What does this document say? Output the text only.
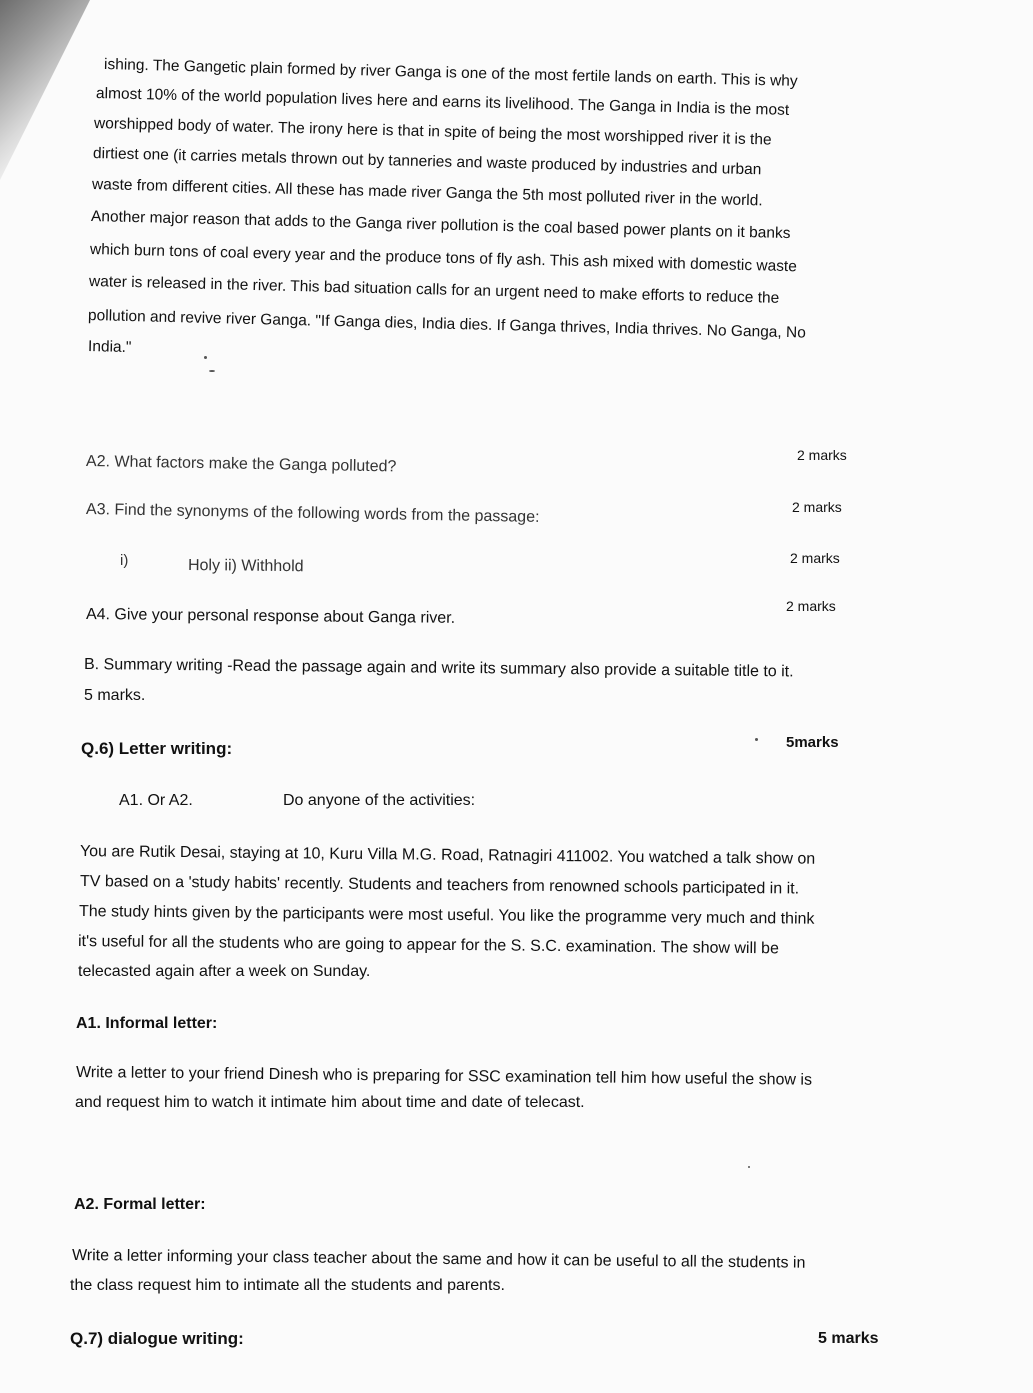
ishing. The Gangetic plain formed by river Ganga is one of the most fertile lands on earth. This is why
almost 10% of the world population lives here and earns its livelihood. The Ganga in India is the most
worshipped body of water. The irony here is that in spite of being the most worshipped river it is the
dirtiest one (it carries metals thrown out by tanneries and waste produced by industries and urban
waste from different cities. All these has made river Ganga the 5th most polluted river in the world.
Another major reason that adds to the Ganga river pollution is the coal based power plants on it banks
which burn tons of coal every year and the produce tons of fly ash. This ash mixed with domestic waste
water is released in the river. This bad situation calls for an urgent need to make efforts to reduce the
pollution and revive river Ganga. "If Ganga dies, India dies. If Ganga thrives, India thrives. No Ganga, No
India."
A2. What factors make the Ganga polluted?	2 marks
A3. Find the synonyms of the following words from the passage:	2 marks
i)	Holy ii) Withhold	2 marks
A4. Give your personal response about Ganga river.
2 marks
B. Summary writing -Read the passage again and write its summary also provide a suitable title to it.
5 marks.
Q.6) Letter writing:	5marks
A1. Or A2.	Do anyone of the activities:
You are Rutik Desai, staying at 10, Kuru Villa M.G. Road, Ratnagiri 411002. You watched a talk show on
TV based on a 'study habits' recently. Students and teachers from renowned schools participated in it.
The study hints given by the participants were most useful. You like the programme very much and think
it's useful for all the students who are going to appear for the S. S.C. examination. The show will be
telecasted again after a week on Sunday.
A1. Informal letter:
Write a letter to your friend Dinesh who is preparing for SSC examination tell him how useful the show is
and request him to watch it intimate him about time and date of telecast.
A2. Formal letter:
Write a letter informing your class teacher about the same and how it can be useful to all the students in
the class request him to intimate all the students and parents.
Q.7) dialogue writing:	5 marks
